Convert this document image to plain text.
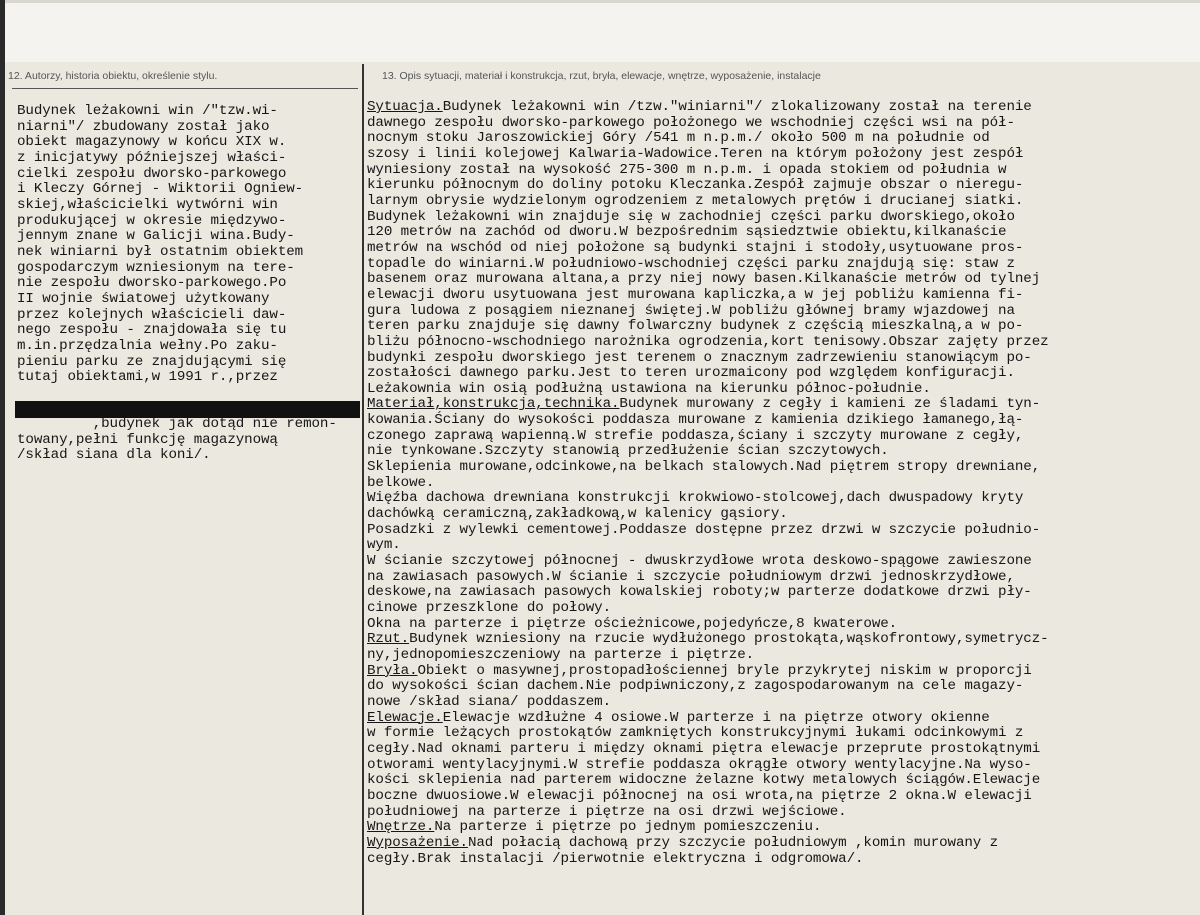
12. Autorzy, historia obiektu, określenie stylu.	13. Opis sytuacji, materiał i konstrukcja, rzut, bryła, elewacje, wnętrze, wyposażenie, instalacje
Budynek leżakowni win /"tzw.wi-
niarni"/ zbudowany został jako
obiekt magazynowy w końcu XIX w.
z inicjatywy późniejszej właści-
cielki zespołu dworsko-parkowego
i Kleczy Górnej - Wiktorii Ogniew-
skiej,właścicielki wytwórni win
produkującej w okresie międzywo-
jennym znane w Galicji wina.Budy-
nek winiarni był ostatnim obiektem
gospodarczym wzniesionym na tere-
nie zespołu dworsko-parkowego.Po
II wojnie światowej użytkowany
przez kolejnych właścicieli daw-
nego zespołu - znajdowała się tu
m.in.przędzalnia wełny.Po zaku-
pieniu parku ze znajdującymi się
tutaj obiektami,w 1991 r.,przez
,budynek jak dotąd nie remon-
towany,pełni funkcję magazynową
/skład siana dla koni/.
Sytuacja.Budynek leżakowni win /tzw."winiarni"/ zlokalizowany został na terenie
dawnego zespołu dworsko-parkowego położonego we wschodniej części wsi na pół-
nocnym stoku Jaroszowickiej Góry /541 m n.p.m./ około 500 m na południe od
szosy i linii kolejowej Kalwaria-Wadowice.Teren na którym położony jest zespół
wyniesiony został na wysokość 275-300 m n.p.m. i opada stokiem od południa w
kierunku północnym do doliny potoku Kleczanka.Zespół zajmuje obszar o nieregu-
larnym obrysie wydzielonym ogrodzeniem z metalowych prętów i drucianej siatki.
Budynek leżakowni win znajduje się w zachodniej części parku dworskiego,około
120 metrów na zachód od dworu.W bezpośrednim sąsiedztwie obiektu,kilkanaście
metrów na wschód od niej położone są budynki stajni i stodoły,usytuowane pros-
topadle do winiarni.W południowo-wschodniej części parku znajdują się: staw z
basenem oraz murowana altana,a przy niej nowy basen.Kilkanaście metrów od tylnej
elewacji dworu usytuowana jest murowana kapliczka,a w jej pobliżu kamienna fi-
gura ludowa z posągiem nieznanej świętej.W pobliżu głównej bramy wjazdowej na
teren parku znajduje się dawny folwarczny budynek z częścią mieszkalną,a w po-
bliżu północno-wschodniego narożnika ogrodzenia,kort tenisowy.Obszar zajęty przez
budynki zespołu dworskiego jest terenem o znacznym zadrzewieniu stanowiącym po-
zostałości dawnego parku.Jest to teren urozmaicony pod względem konfiguracji.
Leżakownia win osią podłużną ustawiona na kierunku północ-południe.
Materiał,konstrukcja,technika.Budynek murowany z cegły i kamieni ze śladami tyn-
kowania.Ściany do wysokości poddasza murowane z kamienia dzikiego łamanego,łą-
czonego zaprawą wapienną.W strefie poddasza,ściany i szczyty murowane z cegły,
nie tynkowane.Szczyty stanowią przedłużenie ścian szczytowych.
Sklepienia murowane,odcinkowe,na belkach stalowych.Nad piętrem stropy drewniane,
belkowe.
Więźba dachowa drewniana konstrukcji krokwiowo-stolcowej,dach dwuspadowy kryty
dachówką ceramiczną,zakładkową,w kalenicy gąsiory.
Posadzki z wylewki cementowej.Poddasze dostępne przez drzwi w szczycie południo-
wym.
W ścianie szczytowej północnej - dwuskrzydłowe wrota deskowo-spągowe zawieszone
na zawiasach pasowych.W ścianie i szczycie południowym drzwi jednoskrzydłowe,
deskowe,na zawiasach pasowych kowalskiej roboty;w parterze dodatkowe drzwi pły-
cinowe przeszklone do połowy.
Okna na parterze i piętrze ościeżnicowe,pojedyńcze,8 kwaterowe.
Rzut.Budynek wzniesiony na rzucie wydłużonego prostokąta,wąskofrontowy,symetrycz-
ny,jednopomieszczeniowy na parterze i piętrze.
Bryła.Obiekt o masywnej,prostopadłościennej bryle przykrytej niskim w proporcji
do wysokości ścian dachem.Nie podpiwniczony,z zagospodarowanym na cele magazy-
nowe /skład siana/ poddaszem.
Elewacje.Elewacje wzdłużne 4 osiowe.W parterze i na piętrze otwory okienne
w formie leżących prostokątów zamkniętych konstrukcyjnymi łukami odcinkowymi z
cegły.Nad oknami parteru i między oknami piętra elewacje przeprute prostokątnymi
otworami wentylacyjnymi.W strefie poddasza okrągłe otwory wentylacyjne.Na wyso-
kości sklepienia nad parterem widoczne żelazne kotwy metalowych ściągów.Elewacje
boczne dwuosiowe.W elewacji północnej na osi wrota,na piętrze 2 okna.W elewacji
południowej na parterze i piętrze na osi drzwi wejściowe.
Wnętrze.Na parterze i piętrze po jednym pomieszczeniu.
Wyposażenie.Nad połacią dachową przy szczycie południowym ,komin murowany z
cegły.Brak instalacji /pierwotnie elektryczna i odgromowa/.
